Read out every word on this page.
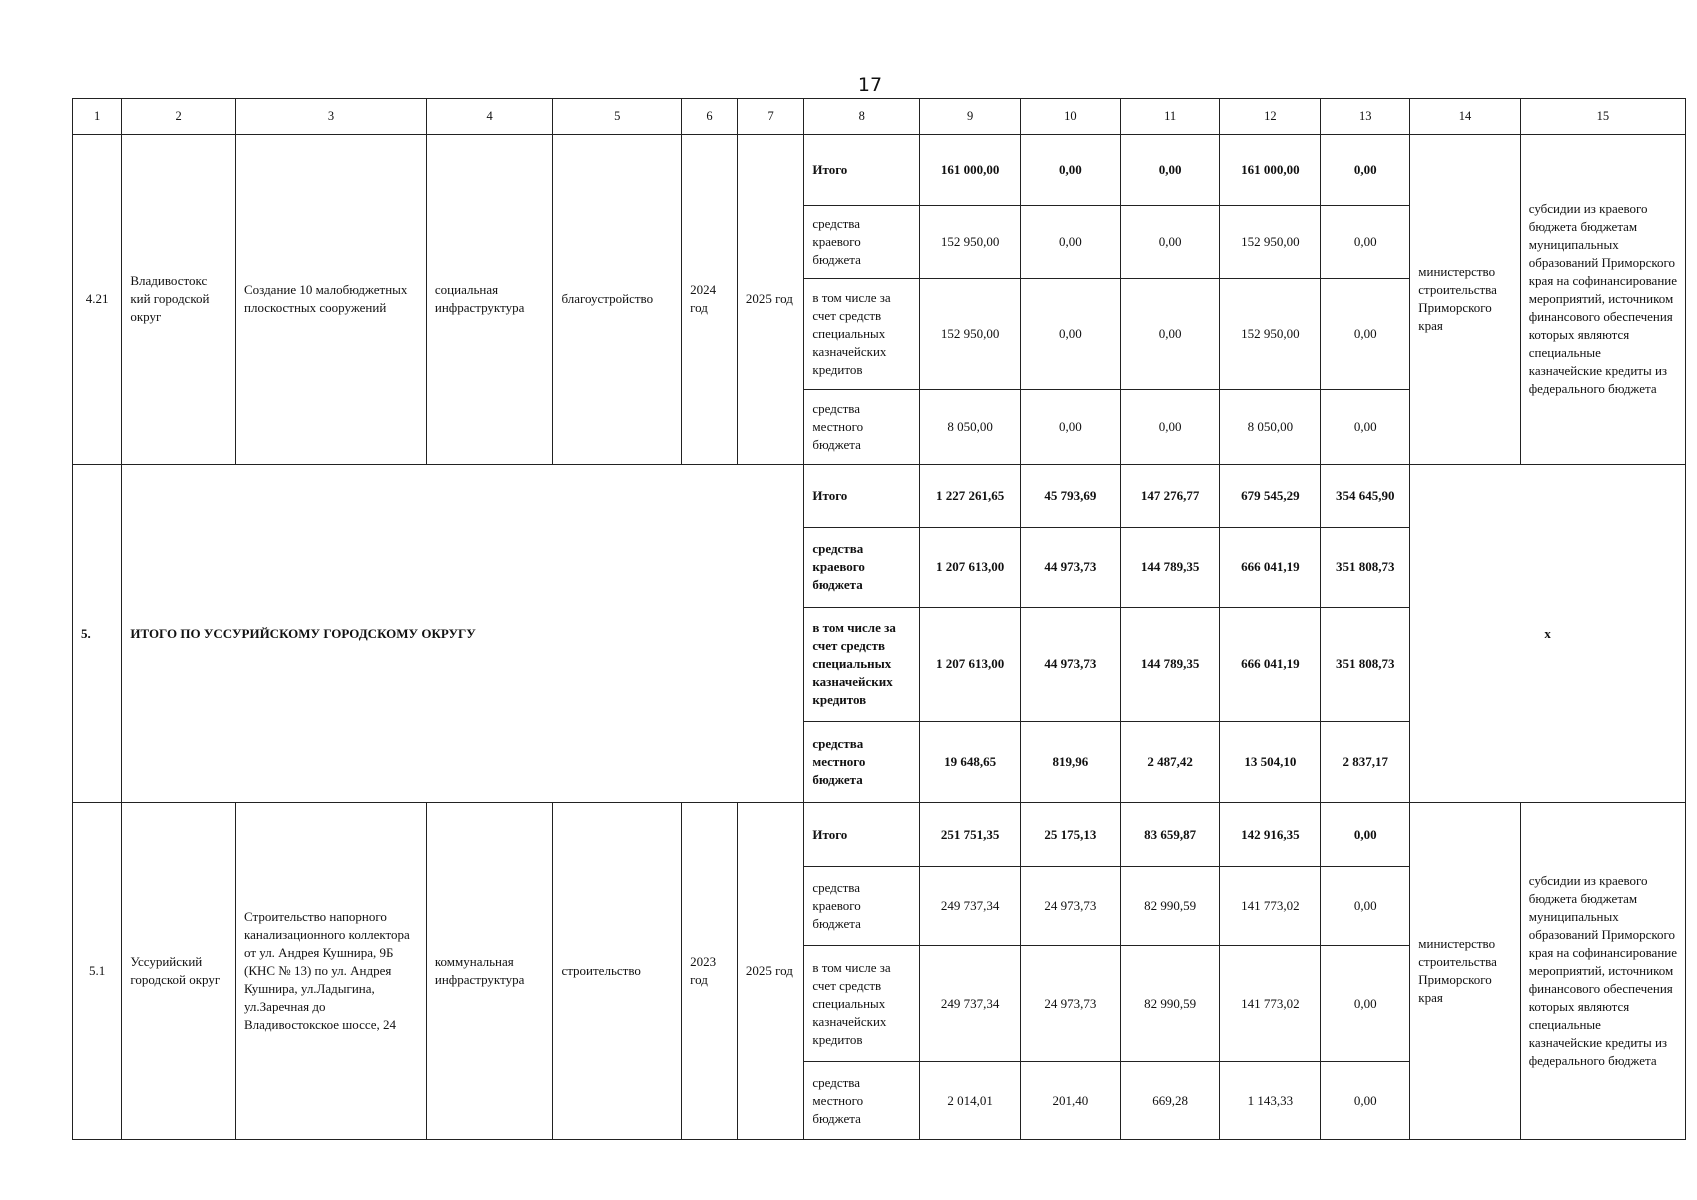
17
1	2	3	4	5	6	7	8	9	10	11	12	13	14	15
4.21	Владивостокс кий городской округ	Создание 10 малобюджетных плоскостных сооружений	социальная инфраструктура	благоустройство	2024 год	2025 год	Итого	161 000,00	0,00	0,00	161 000,00	0,00	министерство строительства Приморского края	субсидии из краевого бюджета бюджетам муниципальных образований Приморского края на софинансирование мероприятий, источником финансового обеспечения которых являются специальные казначейские кредиты из федерального бюджета
							средства краевого бюджета	152 950,00	0,00	0,00	152 950,00	0,00		
							в том числе за счет средств специальных казначейских кредитов	152 950,00	0,00	0,00	152 950,00	0,00		
							средства местного бюджета	8 050,00	0,00	0,00	8 050,00	0,00		
5.	ИТОГО ПО УССУРИЙСКОМУ ГОРОДСКОМУ ОКРУГУ						Итого	1 227 261,65	45 793,69	147 276,77	679 545,29	354 645,90	x	
							средства краевого бюджета	1 207 613,00	44 973,73	144 789,35	666 041,19	351 808,73		
							в том числе за счет средств специальных казначейских кредитов	1 207 613,00	44 973,73	144 789,35	666 041,19	351 808,73		
							средства местного бюджета	19 648,65	819,96	2 487,42	13 504,10	2 837,17		
5.1	Уссурийский городской округ	Строительство напорного канализационного коллектора от ул. Андрея Кушнира, 9Б (КНС № 13) по ул. Андрея Кушнира, ул.Ладыгина, ул.Заречная до Владивостокское шоссе, 24	коммунальная инфраструктура	строительство	2023 год	2025 год	Итого	251 751,35	25 175,13	83 659,87	142 916,35	0,00	министерство строительства Приморского края	субсидии из краевого бюджета бюджетам муниципальных образований Приморского края на софинансирование мероприятий, источником финансового обеспечения которых являются специальные казначейские кредиты из федерального бюджета
							средства краевого бюджета	249 737,34	24 973,73	82 990,59	141 773,02	0,00		
							в том числе за счет средств специальных казначейских кредитов	249 737,34	24 973,73	82 990,59	141 773,02	0,00		
							средства местного бюджета	2 014,01	201,40	669,28	1 143,33	0,00		
